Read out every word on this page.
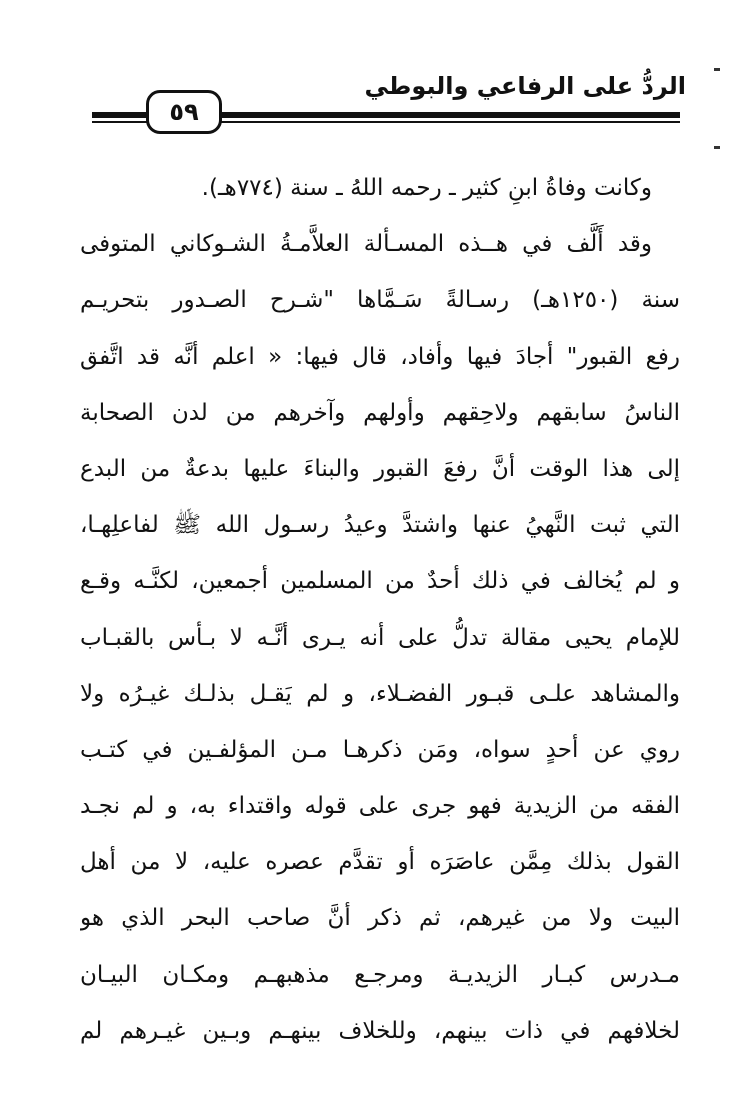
الردُّ على الرفاعي والبوطي
٥٩
وكانت وفاةُ ابنِ كثير ـ رحمه اللهُ ـ سنة (٧٧٤هـ).
وقد أَلَّف في هــذه المسـألة العلاَّمـةُ الشـوكاني المتوفى
سنة (١٢٥٠هـ) رسـالةً سَـمَّاها "شـرح الصـدور بتحريـم
رفع القبور" أجادَ فيها وأفاد، قال فيها: « اعلم أنَّه قد اتَّفق
الناسُ سابقهم ولاحِقهم وأولهم وآخرهم من لدن الصحابة
إلى هذا الوقت أنَّ رفعَ القبور والبناءَ عليها بدعةٌ من البدع
التي ثبت النَّهيُ عنها واشتدَّ وعيدُ رسـول الله ﷺ لفاعلِهـا،
و لم يُخالف في ذلك أحدٌ من المسلمين أجمعين، لكنَّـه وقـع
للإمام يحيى مقالة تدلُّ على أنه يـرى أنَّـه لا بـأس بالقبـاب
والمشاهد علـى قبـور الفضـلاء، و لم يَقـل بذلـك غيـرُه ولا
روي عن أحدٍ سواه، ومَن ذكرهـا مـن المؤلفـين في كتـب
الفقه من الزيدية فهو جرى على قوله واقتداء به، و لم نجـد
القول بذلك مِمَّن عاصَرَه أو تقدَّم عصره عليه، لا من أهل
البيت ولا من غيرهم، ثم ذكر أنَّ صاحب البحر الذي هو
مـدرس كبـار الزيديـة ومرجـع مذهبهـم ومكـان البيـان
لخلافهم في ذات بينهم، وللخلاف بينهـم وبـين غيـرهم لم
